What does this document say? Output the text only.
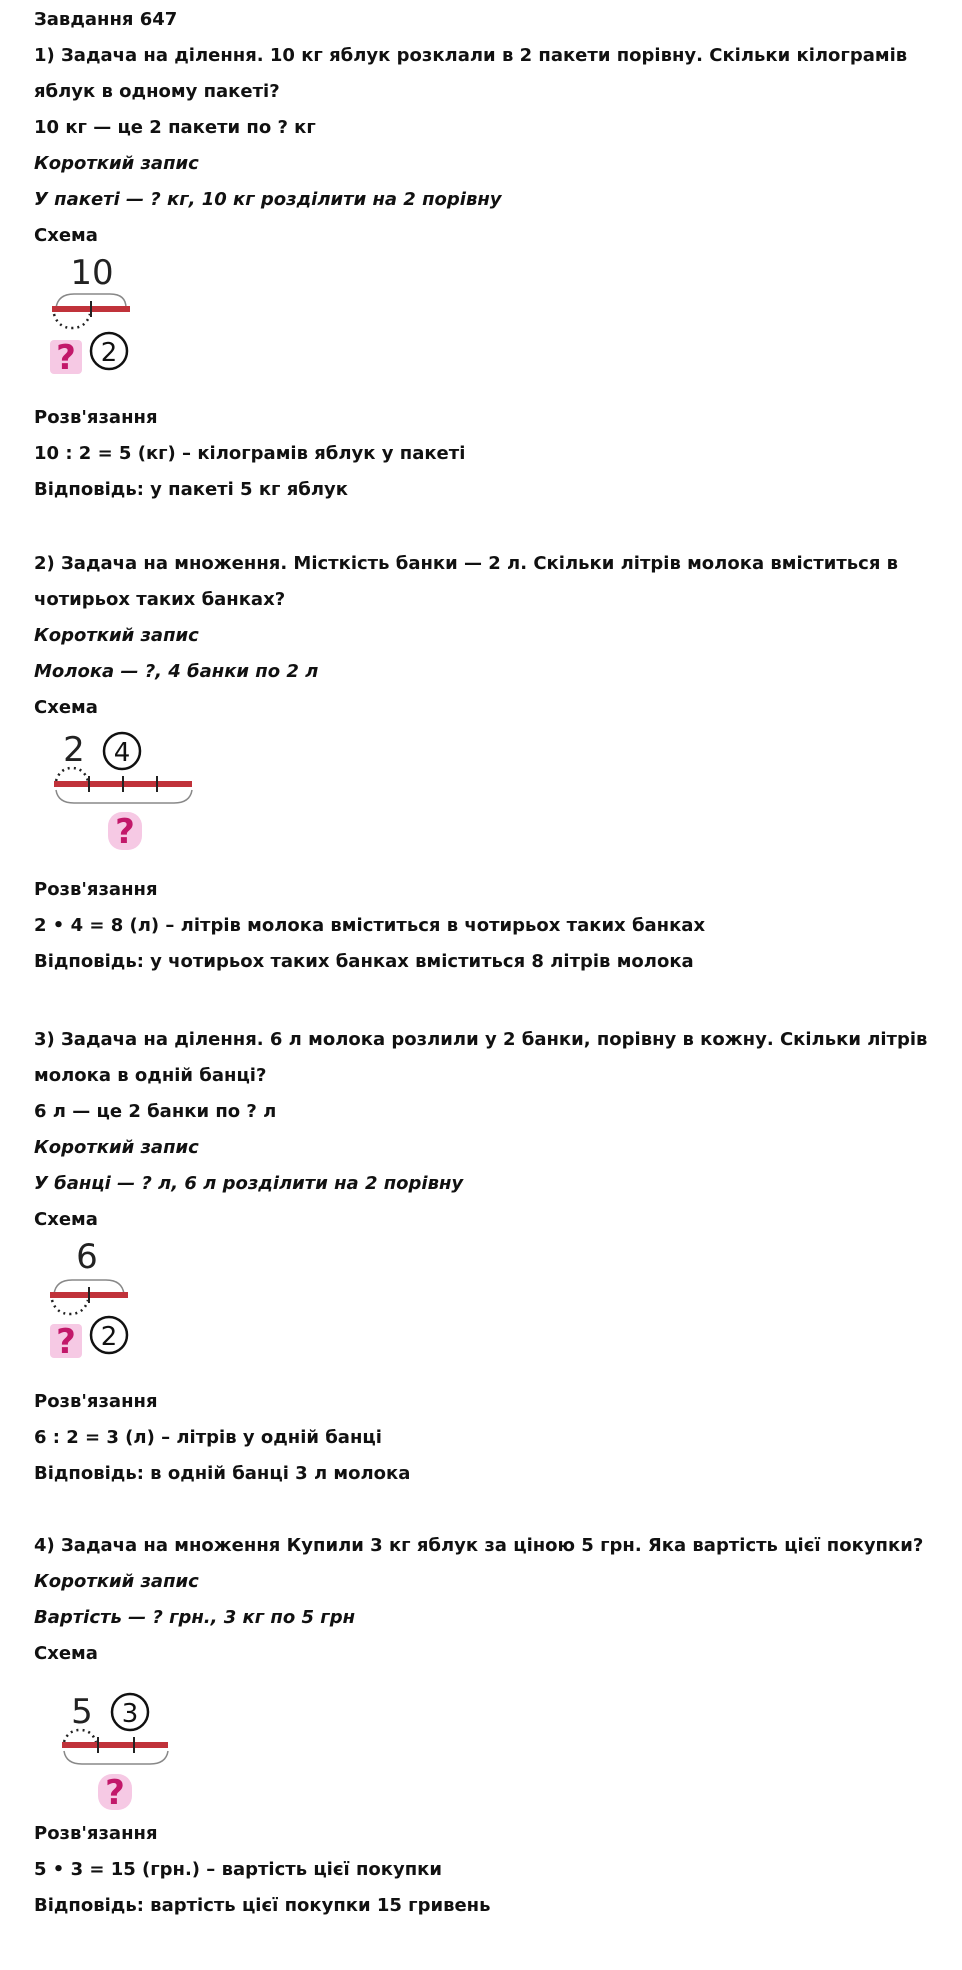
Завдання 647
1) Задача на ділення. 10 кг яблук розклали в 2 пакети порівну. Скільки кілограмів яблук в одному пакеті?
10 кг — це 2 пакети по ? кг
Короткий запис
У пакеті — ? кг, 10 кг розділити на 2 порівну
Схема
10
? 2
Розв'язання
10 : 2 = 5 (кг) – кілограмів яблук у пакеті
Відповідь: у пакеті 5 кг яблук
2) Задача на множення. Місткість банки — 2 л. Скільки літрів молока вміститься в чотирьох таких банках?
Короткий запис
Молока — ?, 4 банки по 2 л
Схема
2 4
?
Розв'язання
2 • 4 = 8 (л) – літрів молока вміститься в чотирьох таких банках
Відповідь: у чотирьох таких банках вміститься 8 літрів молока
3) Задача на ділення. 6 л молока розлили у 2 банки, порівну в кожну. Скільки літрів молока в одній банці?
6 л — це 2 банки по ? л
Короткий запис
У банці — ? л, 6 л розділити на 2 порівну
Схема
6
? 2
Розв'язання
6 : 2 = 3 (л) – літрів у одній банці
Відповідь: в одній банці 3 л молока
4) Задача на множення Купили 3 кг яблук за ціною 5 грн. Яка вартість цієї покупки?
Короткий запис
Вартість — ? грн., 3 кг по 5 грн
Схема
5 3
?
Розв'язання
5 • 3 = 15 (грн.) – вартість цієї покупки
Відповідь: вартість цієї покупки 15 гривень
